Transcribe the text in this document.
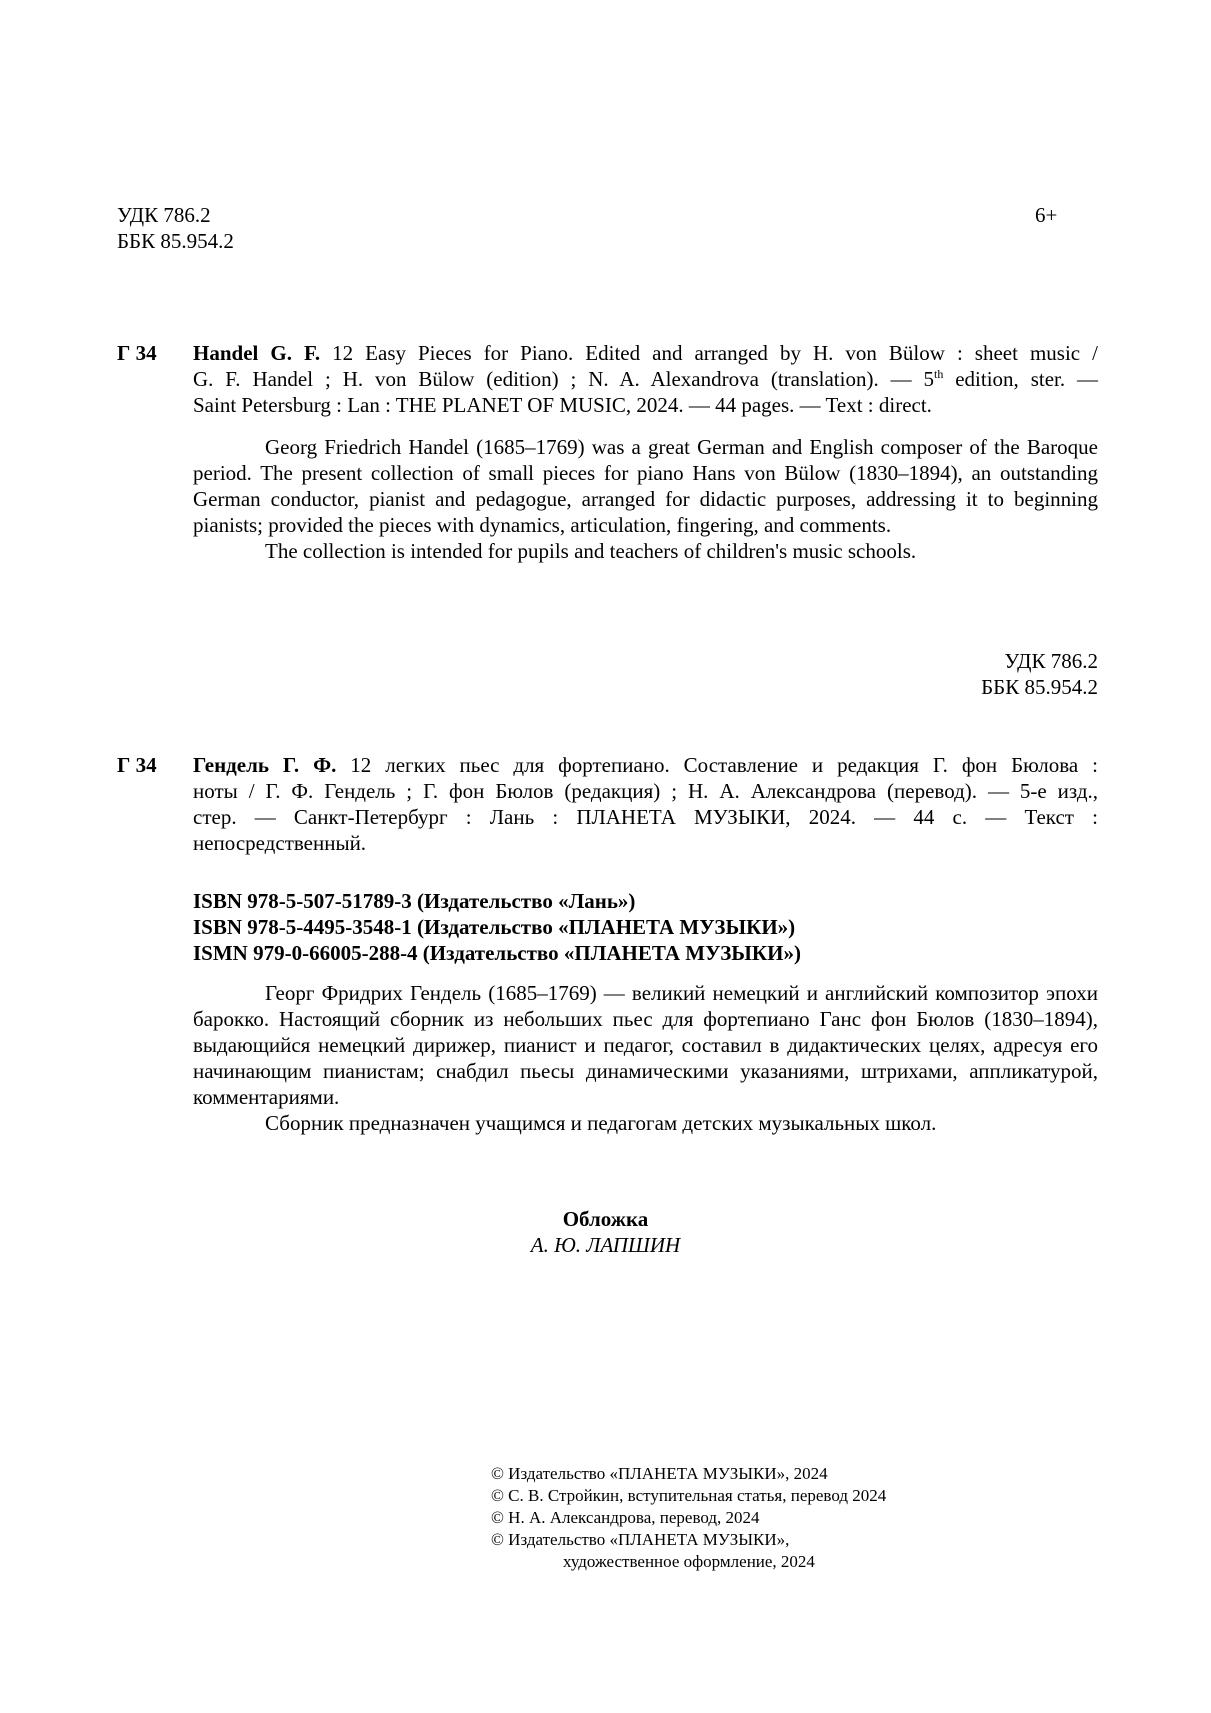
УДК 786.2
ББК 85.954.2
6+
Г 34 Handel G. F. 12 Easy Pieces for Piano. Edited and arranged by H. von Bülow : sheet music /
G. F. Handel ; H. von Bülow (edition) ; N. A. Alexandrova (translation). — 5th edition, ster. —
Saint Petersburg : Lan : THE PLANET OF MUSIC, 2024. — 44 pages. — Text : direct.

Georg Friedrich Handel (1685–1769) was a great German and English composer of the Baroque period. The present collection of small pieces for piano Hans von Bülow (1830–1894), an outstanding German conductor, pianist and pedagogue, arranged for didactic purposes, addressing it to beginning pianists; provided the pieces with dynamics, articulation, fingering, and comments.

The collection is intended for pupils and teachers of children's music schools.

УДК 786.2
ББК 85.954.2
Г 34 Гендель Г. Ф. 12 легких пьес для фортепиано. Составление и редакция Г. фон Бюлова :
ноты / Г. Ф. Гендель ; Г. фон Бюлов (редакция) ; Н. А. Александрова (перевод). — 5-е изд.,
стер. — Санкт-Петербург : Лань : ПЛАНЕТА МУЗЫКИ, 2024. — 44 с. — Текст :
непосредственный.
ISBN 978-5-507-51789-3 (Издательство «Лань»)
ISBN 978-5-4495-3548-1 (Издательство «ПЛАНЕТА МУЗЫКИ»)
ISMN 979-0-66005-288-4 (Издательство «ПЛАНЕТА МУЗЫКИ»)

Георг Фридрих Гендель (1685–1769) — великий немецкий и английский композитор эпохи барокко. Настоящий сборник из небольших пьес для фортепиано Ганс фон Бюлов (1830–1894), выдающийся немецкий дирижер, пианист и педагог, составил в дидактических целях, адресуя его начинающим пианистам; снабдил пьесы динамическими указаниями, штрихами, аппликатурой, комментариями.

Сборник предназначен учащимся и педагогам детских музыкальных школ.

Обложка
А. Ю. ЛАПШИН
© Издательство «ПЛАНЕТА МУЗЫКИ», 2024
© С. В. Стройкин, вступительная статья, перевод 2024
© Н. А. Александрова, перевод, 2024
© Издательство «ПЛАНЕТА МУЗЫКИ»,
художественное оформление, 2024
